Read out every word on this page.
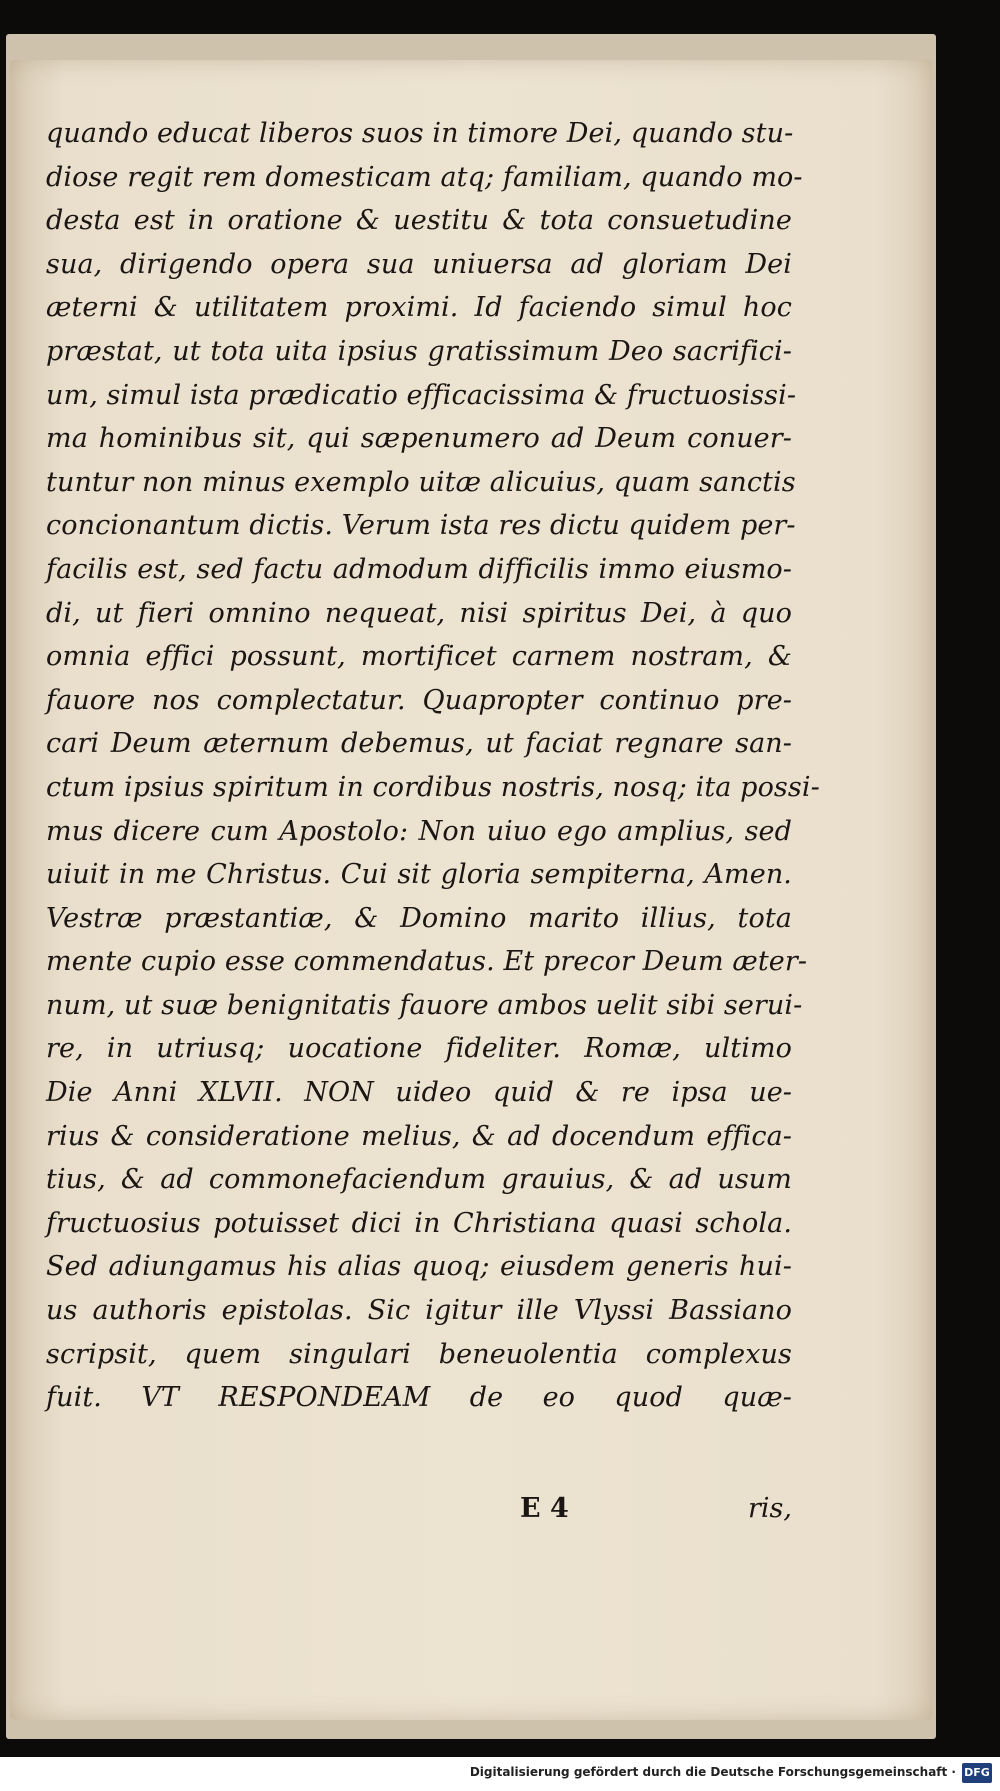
quando educat liberos suos in timore Dei, quando stu-
diose regit rem domesticam atq; familiam, quando mo-
desta est in oratione & uestitu & tota consuetudine
sua, dirigendo opera sua uniuersa ad gloriam Dei
æterni & utilitatem proximi. Id faciendo simul hoc
præstat, ut tota uita ipsius gratissimum Deo sacrifici-
um, simul ista prædicatio efficacissima & fructuosissi-
ma hominibus sit, qui sæpenumero ad Deum conuer-
tuntur non minus exemplo uitæ alicuius, quam sanctis
concionantum dictis. Verum ista res dictu quidem per-
facilis est, sed factu admodum difficilis immo eiusmo-
di, ut fieri omnino nequeat, nisi spiritus Dei, à quo
omnia effici possunt, mortificet carnem nostram, &
fauore nos complectatur. Quapropter continuo pre-
cari Deum æternum debemus, ut faciat regnare san-
ctum ipsius spiritum in cordibus nostris, nosq; ita possi-
mus dicere cum Apostolo: Non uiuo ego amplius, sed
uiuit in me Christus. Cui sit gloria sempiterna, Amen.
Vestræ præstantiæ, & Domino marito illius, tota
mente cupio esse commendatus. Et precor Deum æter-
num, ut suæ benignitatis fauore ambos uelit sibi serui-
re, in utriusq; uocatione fideliter. Romæ, ultimo
Die Anni XLVII. NON uideo quid & re ipsa ue-
rius & consideratione melius, & ad docendum effica-
tius, & ad commonefaciendum grauius, & ad usum
fructuosius potuisset dici in Christiana quasi schola.
Sed adiungamus his alias quoq; eiusdem generis hui-
us authoris epistolas. Sic igitur ille Vlyssi Bassiano
scripsit, quem singulari beneuolentia complexus
fuit. VT RESPONDEAM de eo quod quæ-
E 4	ris,
Digitalisierung gefördert durch die Deutsche Forschungsgemeinschaft · DFG
